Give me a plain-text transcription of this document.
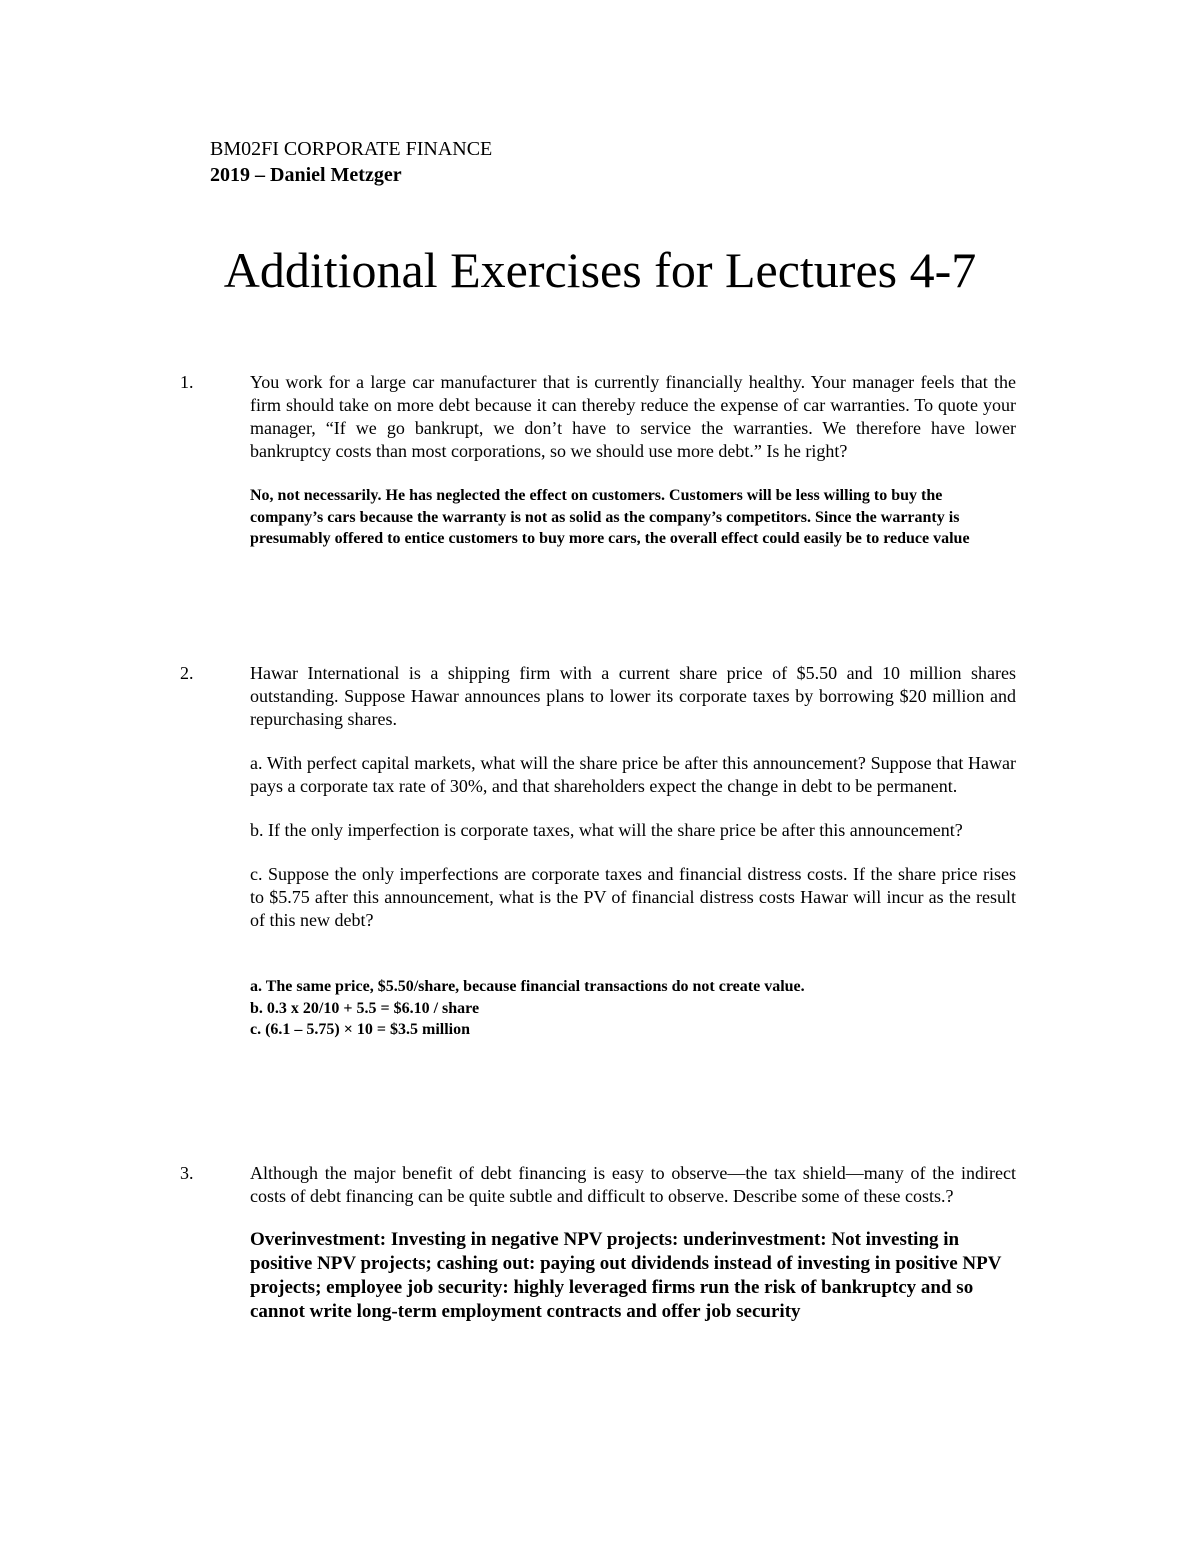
BM02FI CORPORATE FINANCE
2019 – Daniel Metzger
Additional Exercises for Lectures 4-7
1.	You work for a large car manufacturer that is currently financially healthy. Your manager feels that the firm should take on more debt because it can thereby reduce the expense of car warranties. To quote your manager, “If we go bankrupt, we don’t have to service the warranties. We therefore have lower bankruptcy costs than most corporations, so we should use more debt.” Is he right?

No, not necessarily. He has neglected the effect on customers. Customers will be less willing to buy the company’s cars because the warranty is not as solid as the company’s competitors. Since the warranty is presumably offered to entice customers to buy more cars, the overall effect could easily be to reduce value

2.	Hawar International is a shipping firm with a current share price of $5.50 and 10 million shares outstanding. Suppose Hawar announces plans to lower its corporate taxes by borrowing $20 million and repurchasing shares.

a. With perfect capital markets, what will the share price be after this announcement? Suppose that Hawar pays a corporate tax rate of 30%, and that shareholders expect the change in debt to be permanent.

b. If the only imperfection is corporate taxes, what will the share price be after this announcement?

c. Suppose the only imperfections are corporate taxes and financial distress costs. If the share price rises to $5.75 after this announcement, what is the PV of financial distress costs Hawar will incur as the result of this new debt?

a. The same price, $5.50/share, because financial transactions do not create value.
b. 0.3 x 20/10 + 5.5 = $6.10 / share
c. (6.1 – 5.75) × 10 = $3.5 million

3.	Although the major benefit of debt financing is easy to observe—the tax shield—many of the indirect costs of debt financing can be quite subtle and difficult to observe. Describe some of these costs.?

Overinvestment: Investing in negative NPV projects: underinvestment: Not investing in positive NPV projects; cashing out: paying out dividends instead of investing in positive NPV projects; employee job security: highly leveraged firms run the risk of bankruptcy and so cannot write long-term employment contracts and offer job security
